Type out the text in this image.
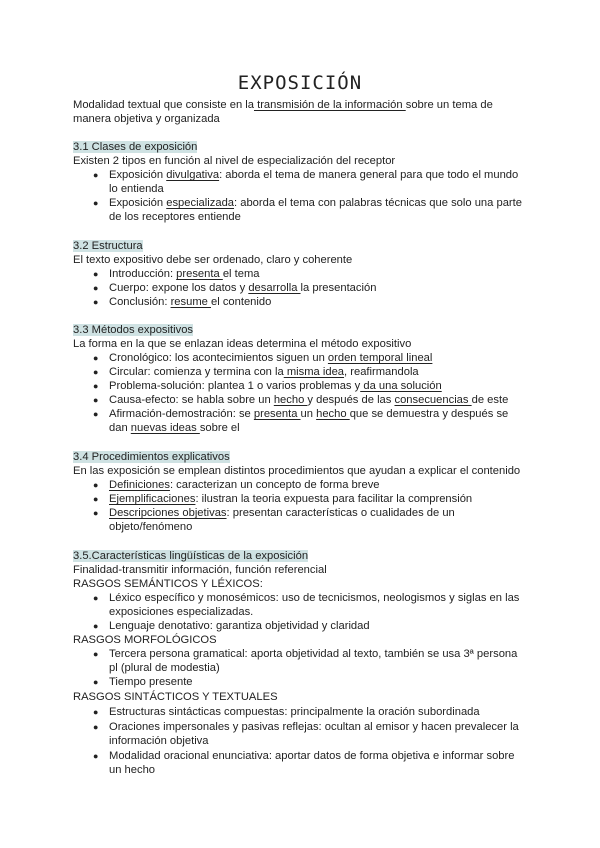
EXPOSICIÓN
Modalidad textual que consiste en la transmisión de la información sobre un tema de
manera objetiva y organizada
3.1 Clases de exposición
Existen 2 tipos en función al nivel de especialización del receptor
● Exposición divulgativa: aborda el tema de manera general para que todo el mundo
lo entienda
● Exposición especializada: aborda el tema con palabras técnicas que solo una parte
de los receptores entiende
3.2 Estructura
El texto expositivo debe ser ordenado, claro y coherente
● Introducción: presenta el tema
● Cuerpo: expone los datos y desarrolla la presentación
● Conclusión: resume el contenido
3.3 Métodos expositivos
La forma en la que se enlazan ideas determina el método expositivo
● Cronológico: los acontecimientos siguen un orden temporal lineal
● Circular: comienza y termina con la misma idea, reafirmandola
● Problema-solución: plantea 1 o varios problemas y da una solución
● Causa-efecto: se habla sobre un hecho y después de las consecuencias de este
● Afirmación-demostración: se presenta un hecho que se demuestra y después se
dan nuevas ideas sobre el
3.4 Procedimientos explicativos
En las exposición se emplean distintos procedimientos que ayudan a explicar el contenido
● Definiciones: caracterizan un concepto de forma breve
● Ejemplificaciones: ilustran la teoria expuesta para facilitar la comprensión
● Descripciones objetivas: presentan características o cualidades de un
objeto/fenómeno
3.5.Características lingüísticas de la exposición
Finalidad-transmitir información, función referencial
RASGOS SEMÁNTICOS Y LÉXICOS:
● Léxico específico y monosémicos: uso de tecnicismos, neologismos y siglas en las
exposiciones especializadas.
● Lenguaje denotativo: garantiza objetividad y claridad
RASGOS MORFOLÓGICOS
● Tercera persona gramatical: aporta objetividad al texto, también se usa 3ª persona
pl (plural de modestia)
● Tiempo presente
RASGOS SINTÁCTICOS Y TEXTUALES
● Estructuras sintácticas compuestas: principalmente la oración subordinada
● Oraciones impersonales y pasivas reflejas: ocultan al emisor y hacen prevalecer la
información objetiva
● Modalidad oracional enunciativa: aportar datos de forma objetiva e informar sobre
un hecho
